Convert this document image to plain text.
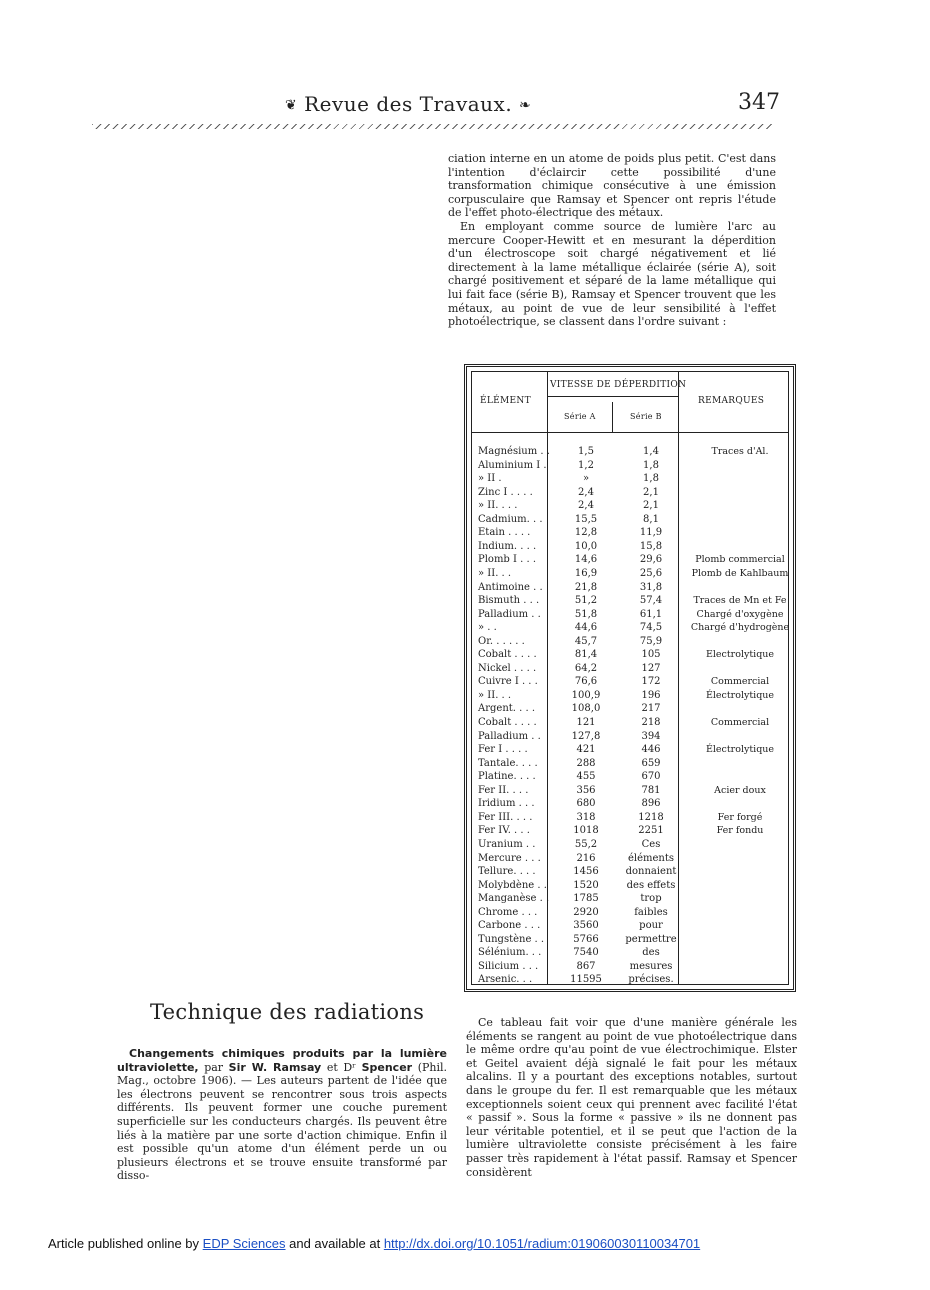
❦ Revue des Travaux. ❧	347

ciation interne en un atome de poids plus petit. C'est dans l'intention d'éclaircir cette possibilité d'une transformation chimique consécutive à une émission corpusculaire que Ramsay et Spencer ont repris l'étude de l'effet photo-électrique des métaux.

En employant comme source de lumière l'arc au mercure Cooper-Hewitt et en mesurant la déperdition d'un électroscope soit chargé négativement et lié directement à la lame métallique éclairée (série A), soit chargé positivement et séparé de la lame métallique qui lui fait face (série B), Ramsay et Spencer trouvent que les métaux, au point de vue de leur sensibilité à l'effet photoélectrique, se classent dans l'ordre suivant :

ÉLÉMENT
VITESSE DE DÉPERDITION
Série A	Série B
REMARQUES
Magnésium . .	1,5	1,4	Traces d'Al.
Aluminium I .	1,2	1,8
» II .	»	1,8
Zinc I . . . .	2,4	2,1
» II. . . .	2,4	2,1
Cadmium. . .	15,5	8,1
Etain . . . .	12,8	11,9
Indium. . . .	10,0	15,8
Plomb I . . .	14,6	29,6	Plomb commercial
» II. . .	16,9	25,6	Plomb de Kahlbaum
Antimoine . .	21,8	31,8
Bismuth . . .	51,2	57,4	Traces de Mn et Fe
Palladium . .	51,8	61,1	Chargé d'oxygène
» . .	44,6	74,5	Chargé d'hydrogène
Or. . . . . .	45,7	75,9
Cobalt . . . .	81,4	105	Electrolytique
Nickel . . . .	64,2	127
Cuivre I . . .	76,6	172	Commercial
» II. . .	100,9	196	Électrolytique
Argent. . . .	108,0	217
Cobalt . . . .	121	218	Commercial
Palladium . .	127,8	394
Fer I . . . .	421	446	Électrolytique
Tantale. . . .	288	659
Platine. . . .	455	670
Fer II. . . .	356	781	Acier doux
Iridium . . .	680	896
Fer III. . . .	318	1218	Fer forgé
Fer IV. . . .	1018	2251	Fer fondu
Uranium . .	55,2	Ces
Mercure . . .	216	éléments
Tellure. . . .	1456	donnaient
Molybdène . .	1520	des effets
Manganèse . .	1785	trop
Chrome . . .	2920	faibles
Carbone . . .	3560	pour
Tungstène . .	5766	permettre
Sélénium. . .	7540	des
Silicium . . .	867	mesures
Arsenic. . .	11595	précises.
Technique des radiations

Changements chimiques produits par la lumière ultraviolette, par Sir W. Ramsay et Dʳ Spencer (Phil. Mag., octobre 1906). — Les auteurs partent de l'idée que les électrons peuvent se rencontrer sous trois aspects différents. Ils peuvent former une couche purement superficielle sur les conducteurs chargés. Ils peuvent être liés à la matière par une sorte d'action chimique. Enfin il est possible qu'un atome d'un élément perde un ou plusieurs électrons et se trouve ensuite transformé par disso-

Ce tableau fait voir que d'une manière générale les éléments se rangent au point de vue photoélectrique dans le même ordre qu'au point de vue électrochimique. Elster et Geitel avaient déjà signalé le fait pour les métaux alcalins. Il y a pourtant des exceptions notables, surtout dans le groupe du fer. Il est remarquable que les métaux exceptionnels soient ceux qui prennent avec facilité l'état « passif ». Sous la forme « passive » ils ne donnent pas leur véritable potentiel, et il se peut que l'action de la lumière ultraviolette consiste précisément à les faire passer très rapidement à l'état passif. Ramsay et Spencer considèrent

Article published online by EDP Sciences and available at http://dx.doi.org/10.1051/radium:019060030110034701
